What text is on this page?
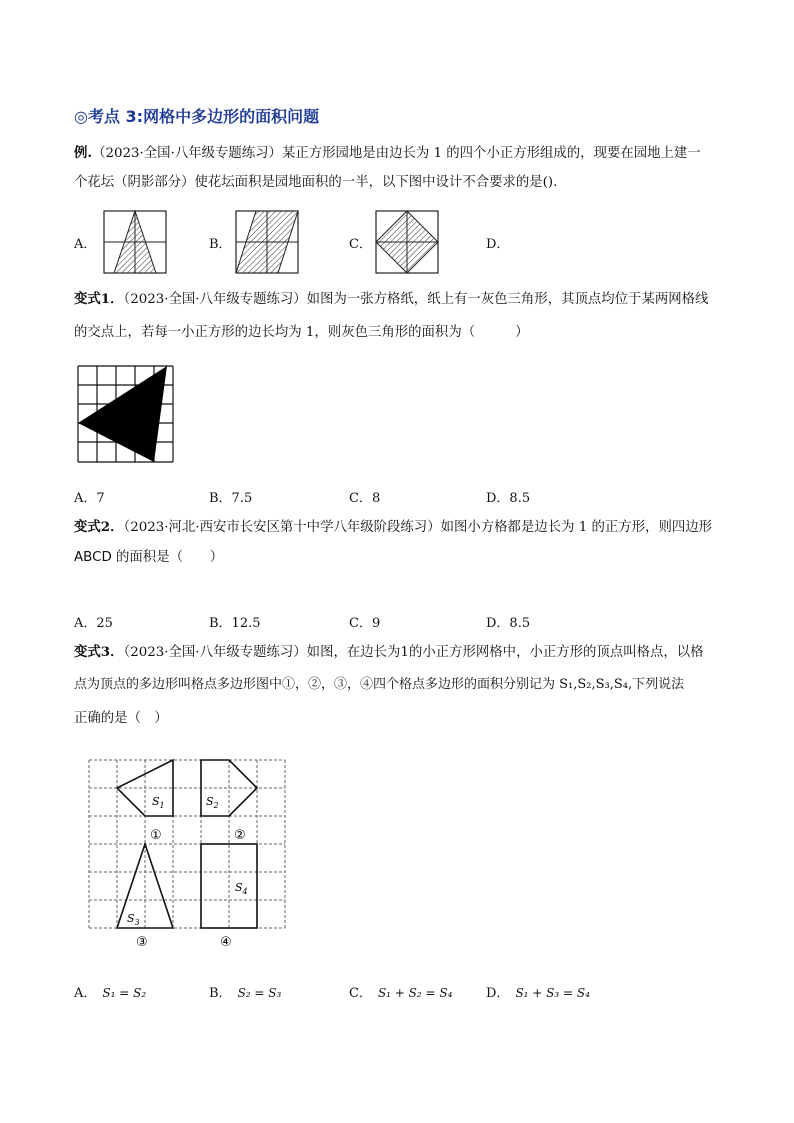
◎考点 3:网格中多边形的面积问题
例.（2023·全国·八年级专题练习）某正方形园地是由边长为 1 的四个小正方形组成的，现要在园地上建一
个花坛（阴影部分）使花坛面积是园地面积的一半，以下图中设计不合要求的是().
A．	B．	C．	D．
变式1．（2023·全国·八年级专题练习）如图为一张方格纸，纸上有一灰色三角形，其顶点均位于某两网格线
的交点上，若每一小正方形的边长均为 1，则灰色三角形的面积为（　　　）
A．7	B．7.5	C．8	D．8.5
变式2．（2023·河北·西安市长安区第十中学八年级阶段练习）如图小方格都是边长为 1 的正方形，则四边形
ABCD 的面积是（　　）
A．25	B．12.5	C．9	D．8.5
变式3．（2023·全国·八年级专题练习）如图，在边长为1的小正方形网格中，小正方形的顶点叫格点，以格
点为顶点的多边形叫格点多边形图中①，②，③，④四个格点多边形的面积分别记为 S₁,S₂,S₃,S₄,下列说法
正确的是（　）
$S_1$	$S_2$
$S_3$
$S_4$
①	②
③	④
A． S₁ = S₂	B． S₂ = S₃	C． S₁ + S₂ = S₄	D． S₁ + S₃ = S₄
